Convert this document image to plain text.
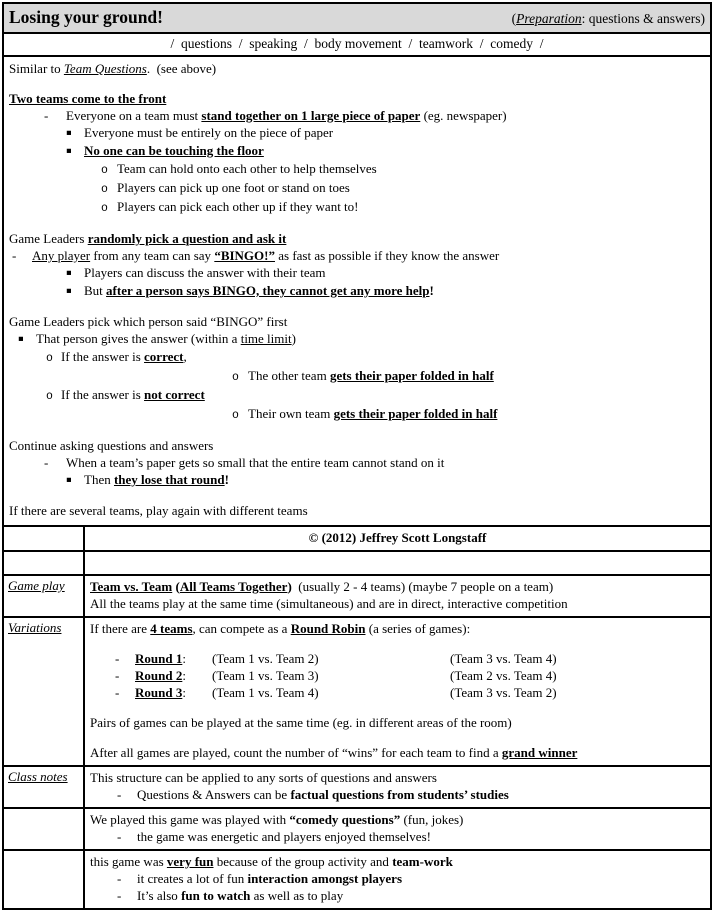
Losing your ground!	(Preparation: questions & answers)
/  questions  /  speaking  /  body movement  /  teamwork  /  comedy  /
Similar to Team Questions.  (see above)
Two teams come to the front
- Everyone on a team must stand together on 1 large piece of paper (eg. newspaper)
▪ Everyone must be entirely on the piece of paper
▪ No one can be touching the floor
o Team can hold onto each other to help themselves
o Players can pick up one foot or stand on toes
o Players can pick each other up if they want to!
Game Leaders randomly pick a question and ask it
- Any player from any team can say “BINGO!” as fast as possible if they know the answer
▪ Players can discuss the answer with their team
▪ But after a person says BINGO, they cannot get any more help!
Game Leaders pick which person said “BINGO” first
▪ That person gives the answer (within a time limit)
o If the answer is correct,
o The other team gets their paper folded in half
o If the answer is not correct
o Their own team gets their paper folded in half
Continue asking questions and answers
- When a team’s paper gets so small that the entire team cannot stand on it
▪ Then they lose that round!
If there are several teams, play again with different teams
© (2012) Jeffrey Scott Longstaff
Game play	Team vs. Team (All Teams Together)  (usually 2 - 4 teams) (maybe 7 people on a team)
All the teams play at the same time (simultaneous) and are in direct, interactive competition
Variations	If there are 4 teams, can compete as a Round Robin (a series of games):
- Round 1: (Team 1 vs. Team 2)	(Team 3 vs. Team 4)
- Round 2: (Team 1 vs. Team 3)	(Team 2 vs. Team 4)
- Round 3: (Team 1 vs. Team 4)	(Team 3 vs. Team 2)
Pairs of games can be played at the same time (eg. in different areas of the room)
After all games are played, count the number of “wins” for each team to find a grand winner
Class notes	This structure can be applied to any sorts of questions and answers
- Questions & Answers can be factual questions from students’ studies
We played this game was played with “comedy questions” (fun, jokes)
- the game was energetic and players enjoyed themselves!
this game was very fun because of the group activity and team-work
- it creates a lot of fun interaction amongst players
- It’s also fun to watch as well as to play
